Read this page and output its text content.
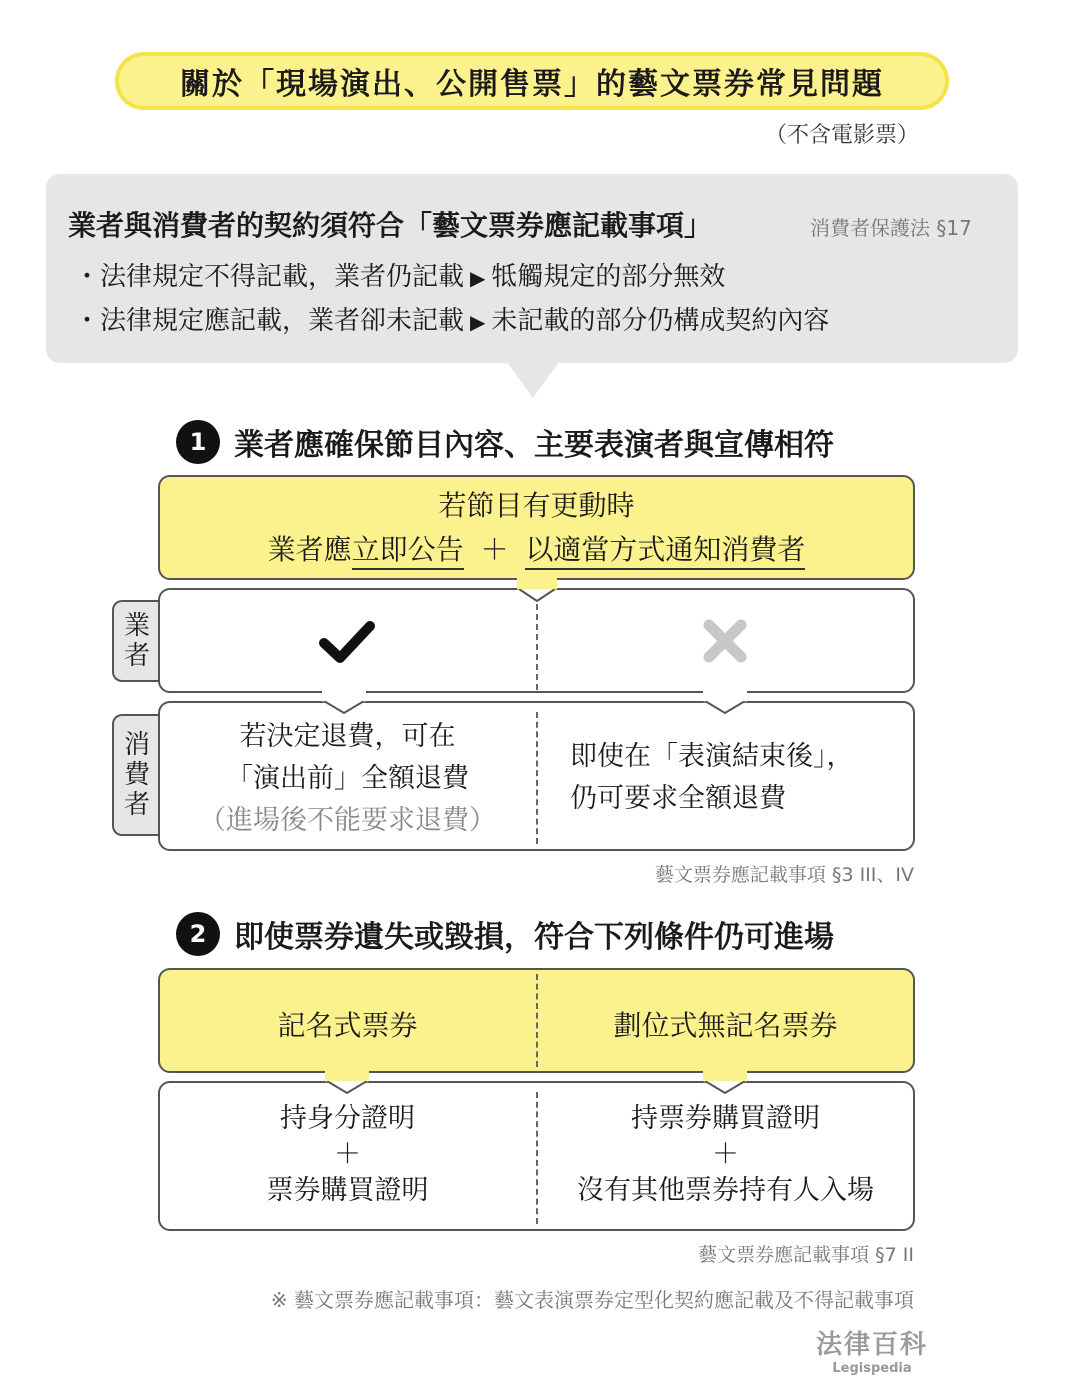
關於「現場演出、公開售票」的藝文票券常見問題
（不含電影票）
業者與消費者的契約須符合「藝文票券應記載事項」	消費者保護法 §17
・法律規定不得記載，業者仍記載 ▶ 牴觸規定的部分無效
・法律規定應記載，業者卻未記載 ▶ 未記載的部分仍構成契約內容
1 業者應確保節目內容、主要表演者與宣傳相符
若節目有更動時
業者應立即公告 ＋ 以適當方式通知消費者
業者
消費者
若決定退費，可在
「演出前」全額退費
（進場後不能要求退費）
即使在「表演結束後」，
仍可要求全額退費
藝文票券應記載事項 §3 III、IV
2 即使票券遺失或毀損，符合下列條件仍可進場
記名式票券	劃位式無記名票券
持身分證明
＋
票券購買證明
持票券購買證明
＋
沒有其他票券持有人入場
藝文票券應記載事項 §7 II
※ 藝文票券應記載事項：藝文表演票券定型化契約應記載及不得記載事項
法律百科
Legispedia
